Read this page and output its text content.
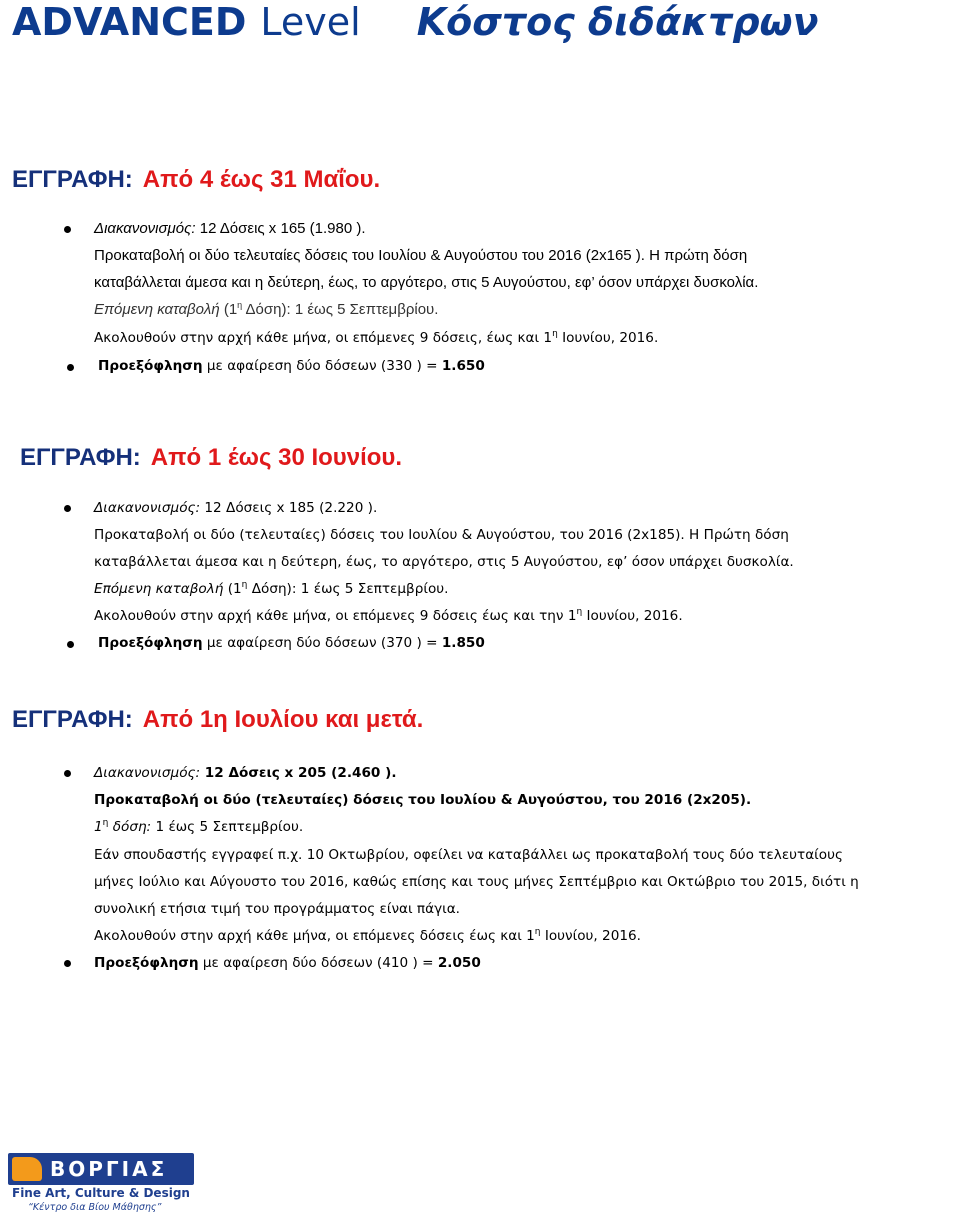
ADVANCED Level Κόστος διδάκτρων
ΕΓΓΡΑΦΗ: Από 4 έως 31 Μαΐου.
Διακανονισμός: 12 Δόσεις x 165 (1.980 ).
Προκαταβολή οι δύο τελευταίες δόσεις του Ιουλίου & Αυγούστου του 2016 (2x165 ). Η πρώτη δόση
καταβάλλεται άμεσα και η δεύτερη, έως, το αργότερο, στις 5 Αυγούστου, εφ’ όσον υπάρχει δυσκολία.
Επόμενη καταβολή ($1^\eta$ Δόση): 1 έως 5 Σεπτεμβρίου.
Ακολουθούν στην αρχή κάθε μήνα, οι επόμενες 9 δόσεις, έως και $1^\eta$ Ιουνίου, 2016.
Προεξόφληση με αφαίρεση δύο δόσεων (330 ) = 1.650
ΕΓΓΡΑΦΗ: Από 1 έως 30 Ιουνίου.
Διακανονισμός: 12 Δόσεις x 185 (2.220 ).
Προκαταβολή οι δύο (τελευταίες) δόσεις του Ιουλίου & Αυγούστου, του 2016 (2x185). Η Πρώτη δόση
καταβάλλεται άμεσα και η δεύτερη, έως, το αργότερο, στις 5 Αυγούστου, εφ’ όσον υπάρχει δυσκολία.
Επόμενη καταβολή ($1^\eta$ Δόση): 1 έως 5 Σεπτεμβρίου.
Ακολουθούν στην αρχή κάθε μήνα, οι επόμενες 9 δόσεις έως και την $1^\eta$ Ιουνίου, 2016.
Προεξόφληση με αφαίρεση δύο δόσεων (370 ) = 1.850
ΕΓΓΡΑΦΗ: Από 1η Ιουλίου και μετά.
Διακανονισμός: 12 Δόσεις x 205 (2.460 ).
Προκαταβολή οι δύο (τελευταίες) δόσεις του Ιουλίου & Αυγούστου, του 2016 (2x205).
$1^\eta$ δόση: 1 έως 5 Σεπτεμβρίου.
Εάν σπουδαστής εγγραφεί π.χ. 10 Οκτωβρίου, οφείλει να καταβάλλει ως προκαταβολή τους δύο τελευταίους
μήνες Ιούλιο και Αύγουστο του 2016, καθώς επίσης και τους μήνες Σεπτέμβριο και Οκτώβριο του 2015, διότι η
συνολική ετήσια τιμή του προγράμματος είναι πάγια.
Ακολουθούν στην αρχή κάθε μήνα, οι επόμενες δόσεις έως και $1^\eta$ Ιουνίου, 2016.
Προεξόφληση με αφαίρεση δύο δόσεων (410 ) = 2.050
ΒΟΡΓΙΑΣ
Fine Art, Culture & Design
“Κέντρο δια Βίου Μάθησης”
